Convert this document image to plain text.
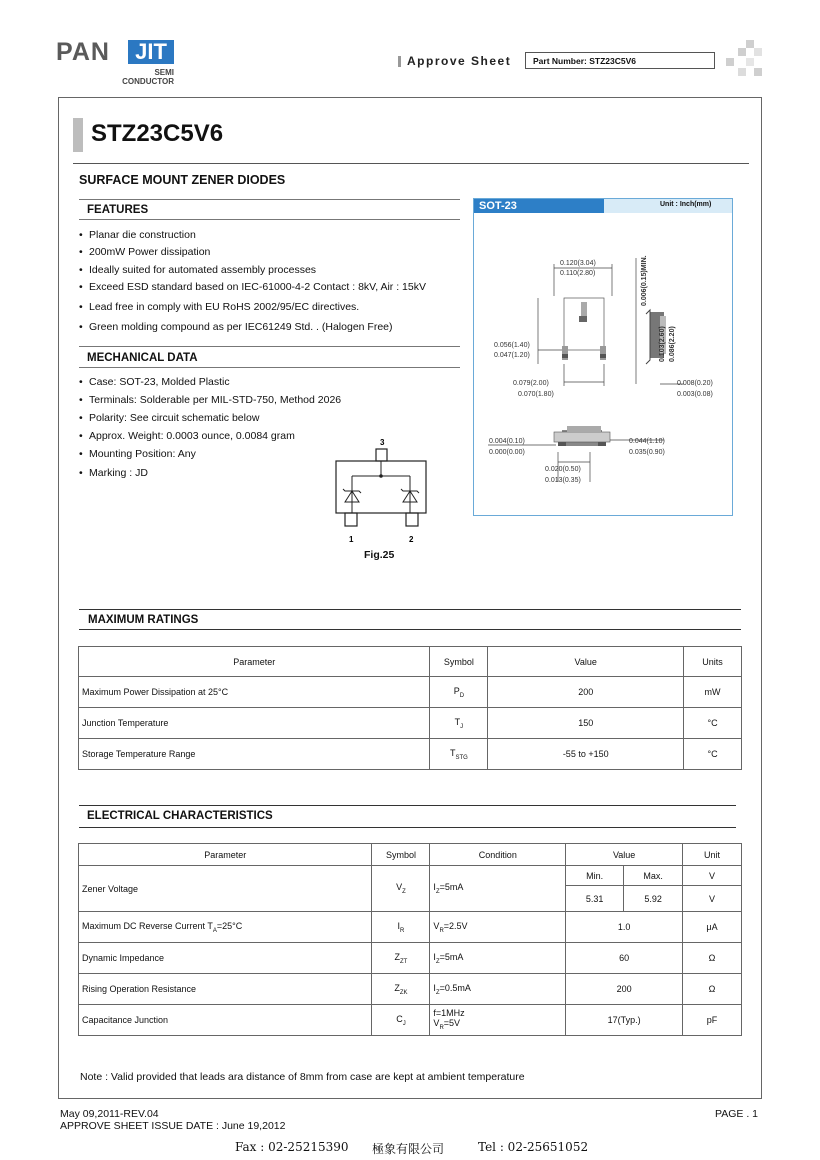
PAN	JIT
SEMI
CONDUCTOR
Approve Sheet	Part Number: STZ23C5V6
STZ23C5V6
SURFACE MOUNT ZENER DIODES
FEATURES
• Planar die construction
• 200mW Power dissipation
• Ideally suited for automated assembly processes
• Exceed ESD standard based on IEC-61000-4-2 Contact : 8kV, Air : 15kV
• Lead free in comply with EU RoHS 2002/95/EC directives.
• Green molding compound as per IEC61249 Std. . (Halogen Free)
MECHANICAL DATA
• Case: SOT-23, Molded Plastic
• Terminals: Solderable per MIL-STD-750, Method 2026
• Polarity: See circuit schematic below
• Approx. Weight: 0.0003 ounce, 0.0084 gram
• Mounting Position: Any
• Marking : JD
3
1	2
Fig.25
SOT-23	Unit : Inch(mm)
0.120(3.04)
0.110(2.80)
0.056(1.40)
0.047(1.20)
0.079(2.00)
0.070(1.80)
0.006(0.15)MIN.
0.103(2.60) 0.086(2.20)
0.008(0.20)
0.003(0.08)
0.004(0.10)
0.000(0.00)
0.044(1.10)
0.035(0.90)
0.020(0.50)
0.013(0.35)
MAXIMUM RATINGS
Parameter	Symbol	Value	Units
Maximum Power Dissipation at 25°C	$P_D$	200	mW
Junction Temperature	$T_J$	150	°C
Storage Temperature Range	$T_{STG}$	-55 to +150	°C
ELECTRICAL CHARACTERISTICS
Parameter	Symbol	Condition	Value		Unit
Zener Voltage	$V_Z$	$I_Z=5mA$	Min.	Max.	V
			5.31	5.92	V
Maximum DC Reverse Current $T_A=25^\circ C$	$I_R$	$V_R=2.5V$	1.0		μA
Dynamic Impedance	$Z_{ZT}$	$I_Z=5mA$	60		Ω
Rising Operation Resistance	$Z_{ZK}$	$I_Z=0.5mA$	200		Ω
Capacitance Junction	$C_J$	f=1MHz
$V_R=5V$	17(Typ.)		pF
Note : Valid provided that leads ara distance of 8mm from case are kept at ambient temperature
May 09,2011-REV.04
APPROVE SHEET ISSUE DATE : June 19,2012
PAGE . 1
Fax : 02-25215390 極象有限公司	Tel : 02-25651052
